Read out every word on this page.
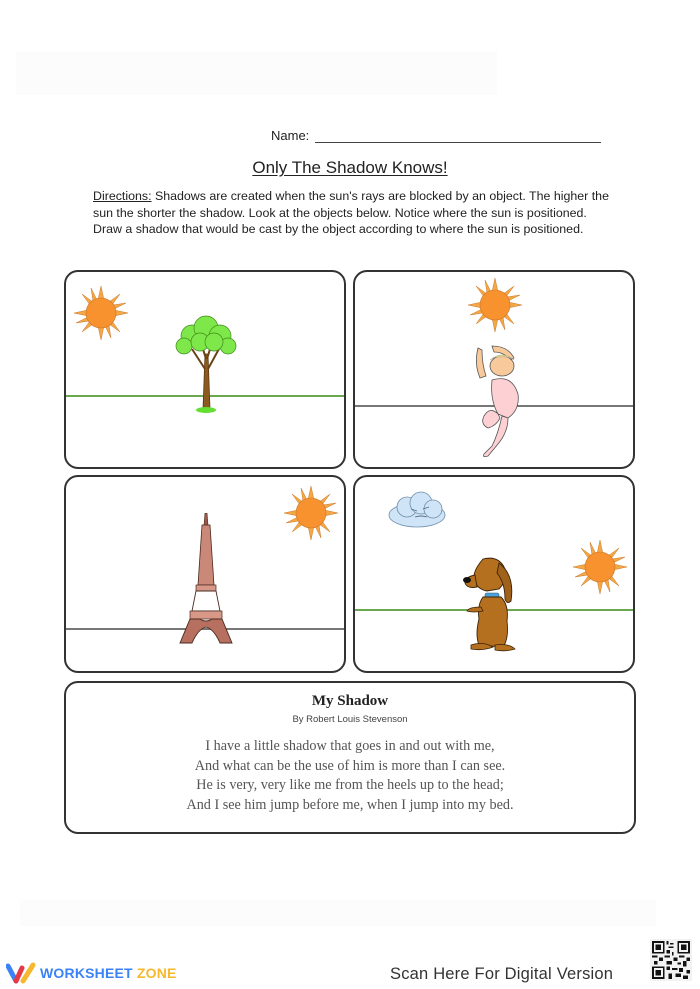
Name:
Only The Shadow Knows!
Directions: Shadows are created when the sun's rays are blocked by an object. The higher the sun the shorter the shadow. Look at the objects below. Notice where the sun is positioned. Draw a shadow that would be cast by the object according to where the sun is positioned.
My Shadow
By Robert Louis Stevenson
I have a little shadow that goes in and out with me,
And what can be the use of him is more than I can see.
He is very, very like me from the heels up to the head;
And I see him jump before me, when I jump into my bed.
WORKSHEET ZONE	Scan Here For Digital Version
